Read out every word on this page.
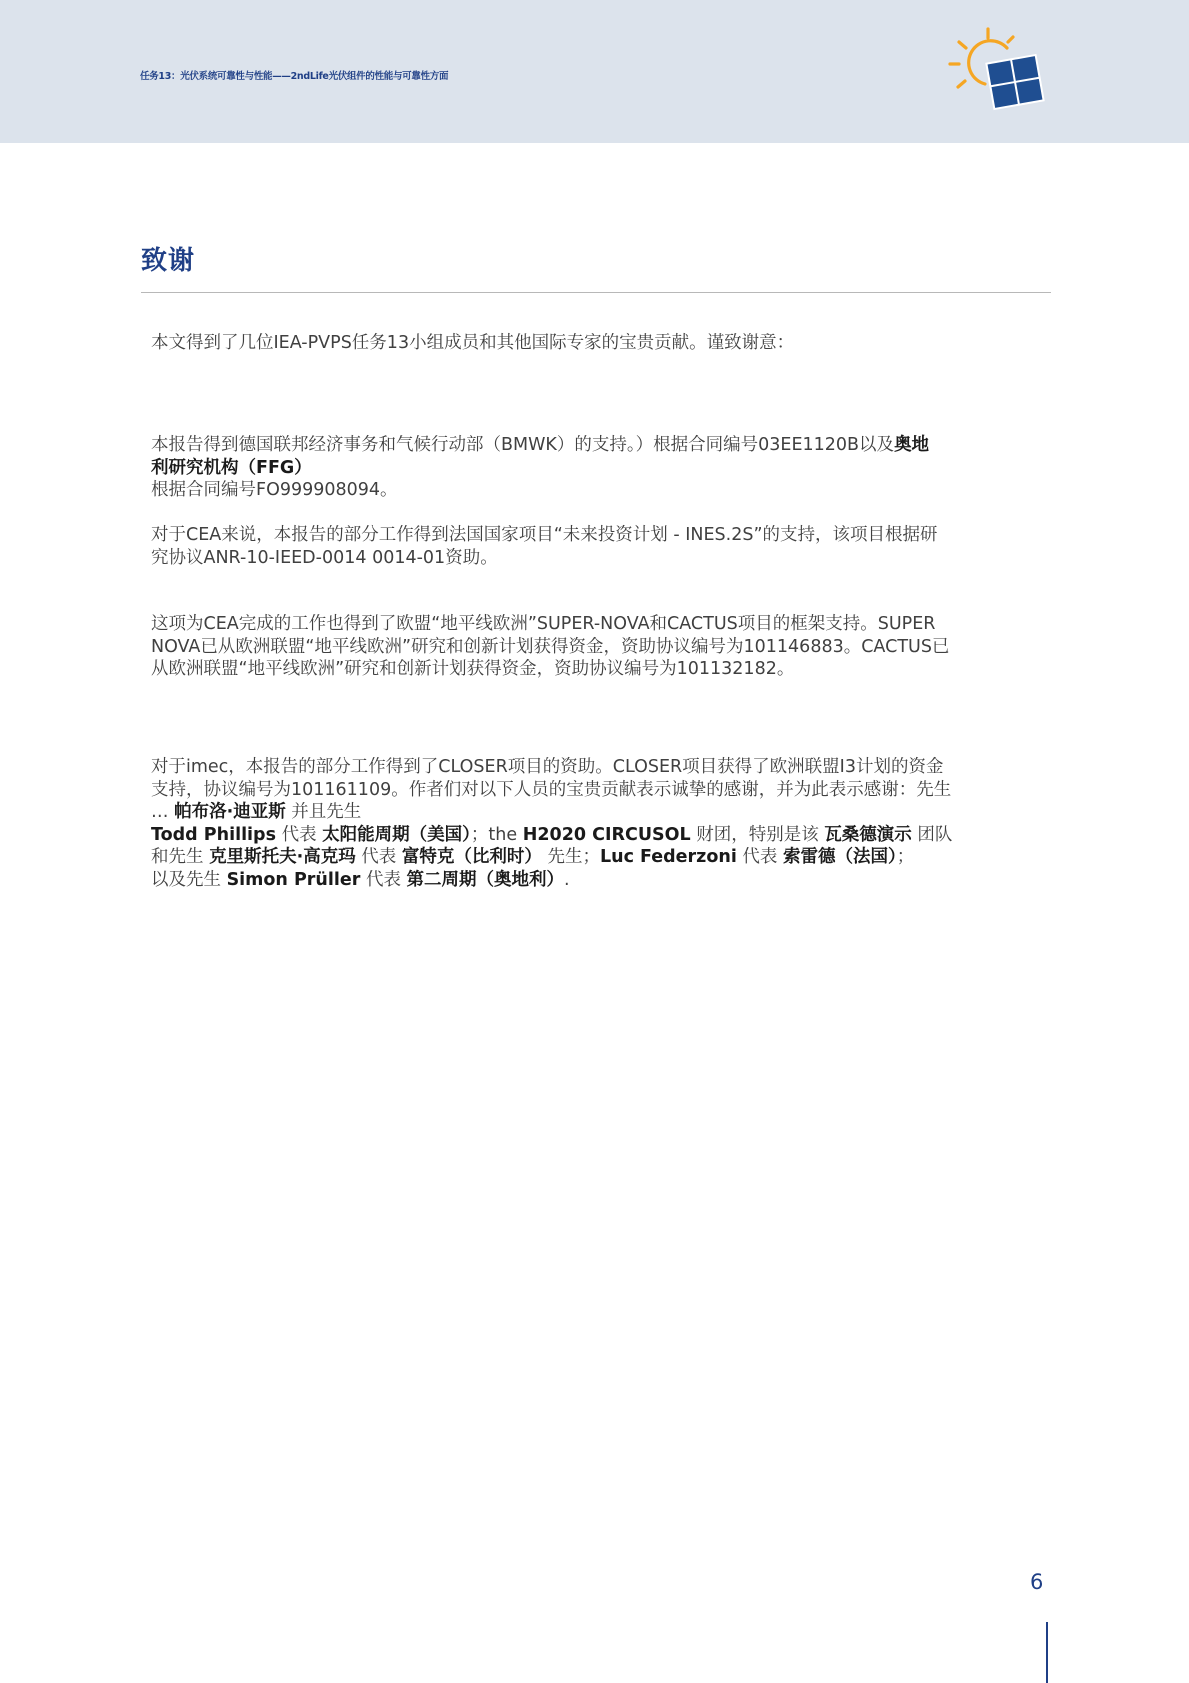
任务13：光伏系统可靠性与性能——2ndLife光伏组件的性能与可靠性方面
致谢
本文得到了几位IEA-PVPS任务13小组成员和其他国际专家的宝贵贡献。谨致谢意：
本报告得到德国联邦经济事务和气候行动部（BMWK）的支持。）根据合同编号03EE1120B以及奥地
利研究机构（FFG）
根据合同编号FO999908094。
对于CEA来说，本报告的部分工作得到法国国家项目“未来投资计划 - INES.2S”的支持，该项目根据研
究协议ANR-10-IEED-0014 0014-01资助。
这项为CEA完成的工作也得到了欧盟“地平线欧洲”SUPER-NOVA和CACTUS项目的框架支持。SUPER
NOVA已从欧洲联盟“地平线欧洲”研究和创新计划获得资金，资助协议编号为101146883。CACTUS已
从欧洲联盟“地平线欧洲”研究和创新计划获得资金，资助协议编号为101132182。
对于imec，本报告的部分工作得到了CLOSER项目的资助。CLOSER项目获得了欧洲联盟I3计划的资金
支持，协议编号为101161109。作者们对以下人员的宝贵贡献表示诚挚的感谢，并为此表示感谢：先生
… 帕布洛·迪亚斯 并且先生
Todd Phillips 代表 太阳能周期（美国）；the H2020 CIRCUSOL 财团，特别是该 瓦桑德演示 团队
和先生 克里斯托夫·高克玛 代表 富特克（比利时） 先生；Luc Federzoni 代表 索雷德（法国）；
以及先生 Simon Prüller 代表 第二周期（奥地利）.
6
